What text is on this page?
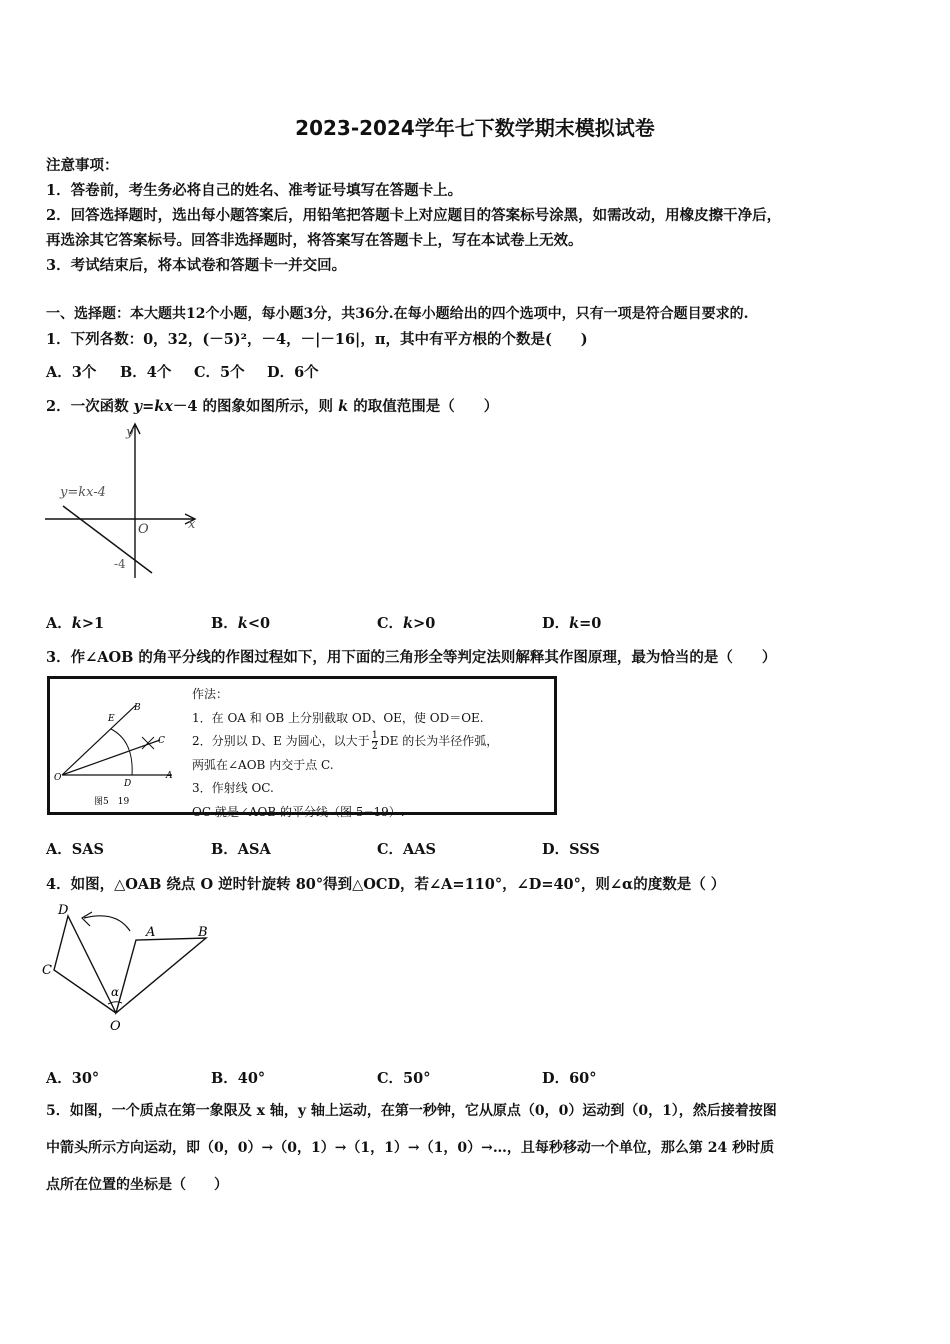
2023-2024学年七下数学期末模拟试卷
注意事项：
1．答卷前，考生务必将自己的姓名、准考证号填写在答题卡上。
2．回答选择题时，选出每小题答案后，用铅笔把答题卡上对应题目的答案标号涂黑，如需改动，用橡皮擦干净后，
再选涂其它答案标号。回答非选择题时，将答案写在答题卡上，写在本试卷上无效。
3．考试结束后，将本试卷和答题卡一并交回。
一、选择题：本大题共12个小题，每小题3分，共36分.在每小题给出的四个选项中，只有一项是符合题目要求的.
1．下列各数：0，32，(－5)²，－4，－|－16|，π，其中有平方根的个数是(　　)
A．3个 B．4个 C．5个 D．6个
2．一次函数 y=kx－4 的图象如图所示，则 k 的取值范围是（　　）
y
x
O
y=kx-4
-4
A．k>1	B．k<0	C．k>0	D．k=0
3．作∠AOB 的角平分线的作图过程如下，用下面的三角形全等判定法则解释其作图原理，最为恰当的是（　　）
O	A
B
C
D
E
图5　19
作法：
1．在 OA 和 OB 上分别截取 OD、OE，使 OD＝OE.
2．分别以 D、E 为圆心，以大于 $\frac{1}{2}$ DE 的长为半径作弧，
两弧在∠AOB 内交于点 C.
3．作射线 OC.
OC 就是∠AOB 的平分线（图 5−19）.
A．SAS	B．ASA	C．AAS	D．SSS
4．如图，△OAB 绕点 O 逆时针旋转 80°得到△OCD，若∠A=110°，∠D=40°，则∠α的度数是（ ）
D
C
A	B
O
α
A．30°	B．40°	C．50°	D．60°
5．如图，一个质点在第一象限及 x 轴，y 轴上运动，在第一秒钟，它从原点（0，0）运动到（0，1），然后接着按图
中箭头所示方向运动，即（0，0）→（0，1）→（1，1）→（1，0）→…，且每秒移动一个单位，那么第 24 秒时质
点所在位置的坐标是（　　）
